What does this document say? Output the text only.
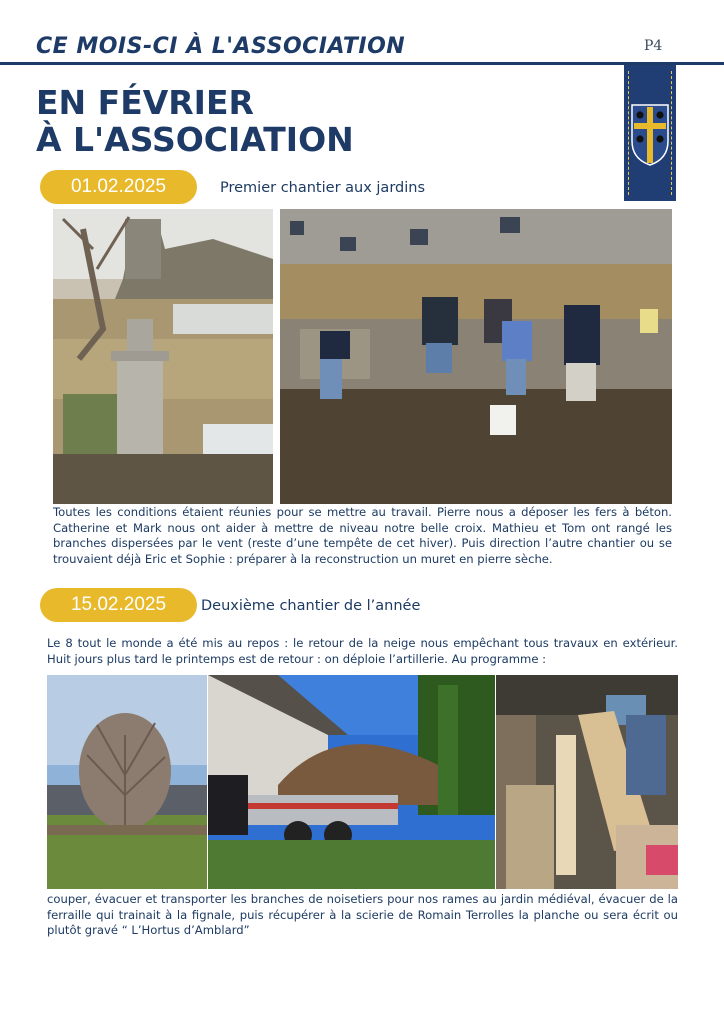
CE MOIS-CI À L'ASSOCIATION	P4
EN FÉVRIER
À L'ASSOCIATION
01.02.2025	Premier chantier aux jardins
Toutes les conditions étaient réunies pour se mettre au travail. Pierre nous a déposer les fers à béton. Catherine et Mark nous ont aider à mettre de niveau notre belle croix. Mathieu et Tom ont rangé les branches dispersées par le vent (reste d’une tempête de cet hiver). Puis direction l’autre chantier ou se trouvaient déjà Eric et Sophie : préparer à la reconstruction un muret en pierre sèche.
15.02.2025	Deuxième chantier de l’année
Le 8 tout le monde a été mis au repos : le retour de la neige nous empêchant tous travaux en extérieur. Huit jours plus tard le printemps est de retour : on déploie l’artillerie. Au programme :
couper, évacuer et transporter les branches de noisetiers pour nos rames au jardin médiéval, évacuer de la ferraille qui trainait à la fignale, puis récupérer à la scierie de Romain Terrolles la planche ou sera écrit ou plutôt gravé “ L’Hortus d’Amblard”
